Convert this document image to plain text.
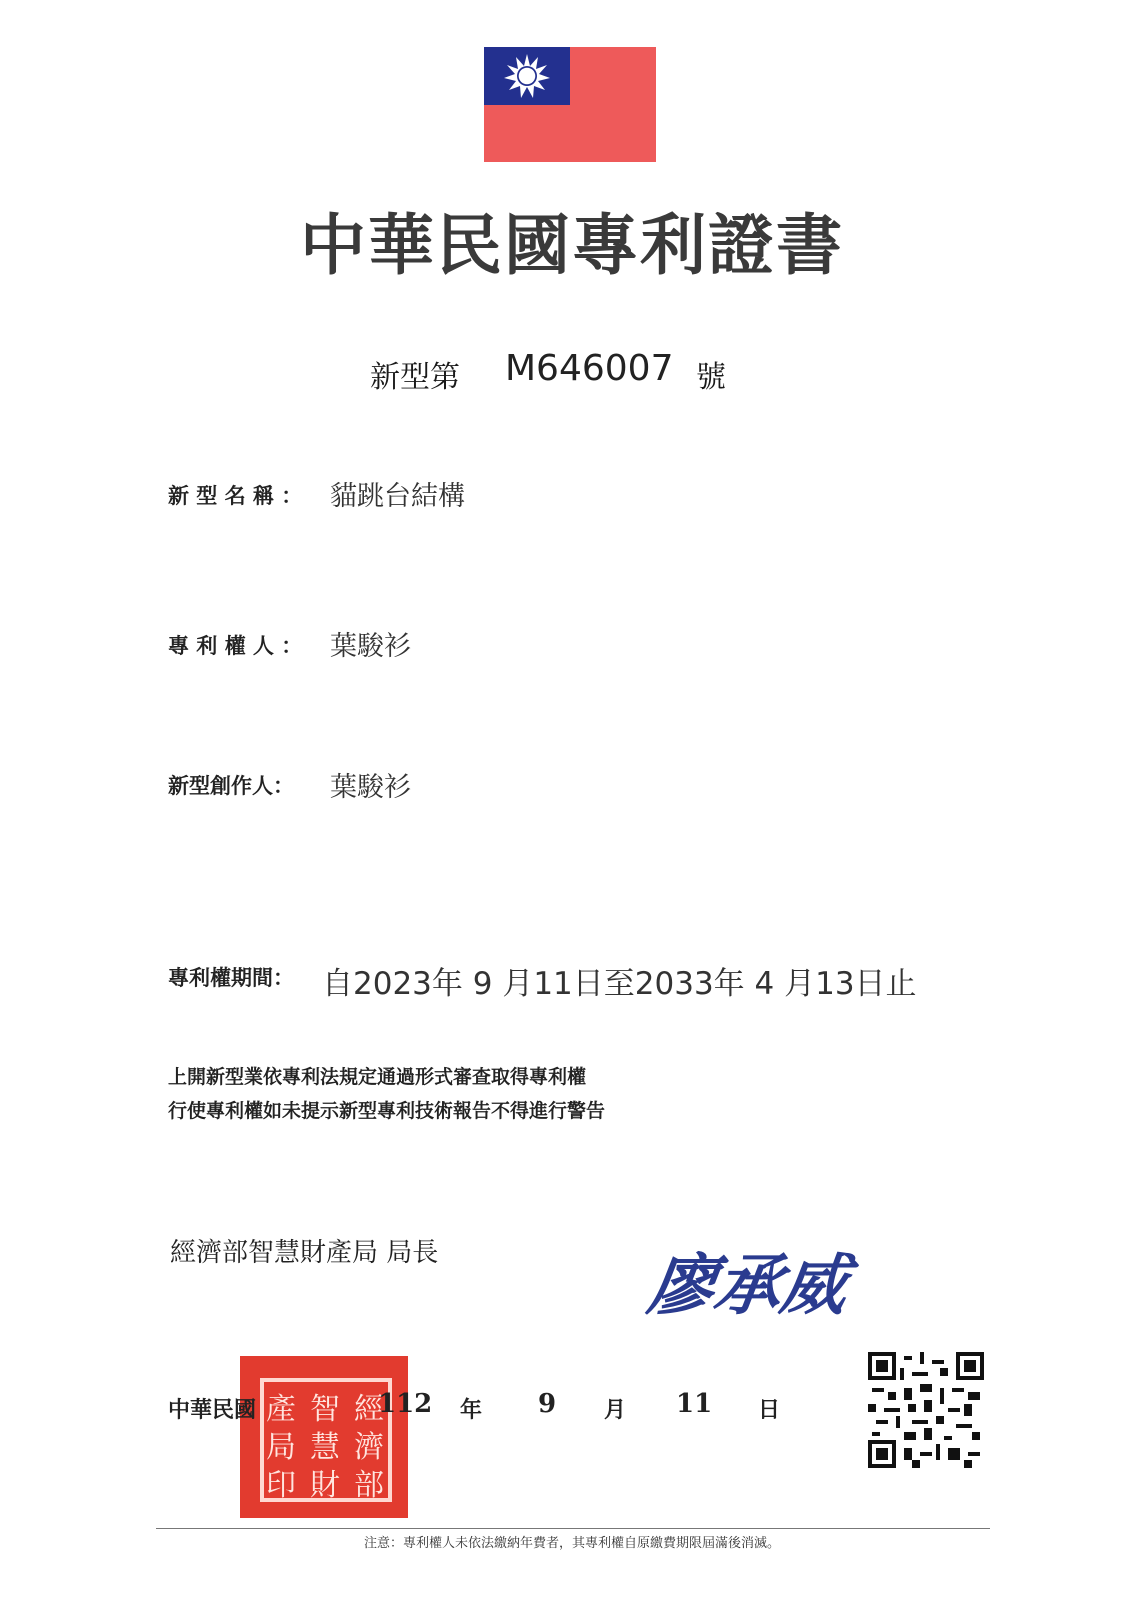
中華民國專利證書
新型第 M646007 號
新 型 名 稱 ： 貓跳台結構
專 利 權 人 ： 葉駿衫
新型創作人： 葉駿衫
專利權期間： 自2023年 9 月11日至2033年 4 月13日止
上開新型業依專利法規定通過形式審查取得專利權
行使專利權如未提示新型專利技術報告不得進行警告
經濟部智慧財產局 局長	廖承威
經
濟
部
智
慧
財
產
局
印
中華民國	112 年 9 月 11 日
注意：專利權人未依法繳納年費者，其專利權自原繳費期限屆滿後消滅。
